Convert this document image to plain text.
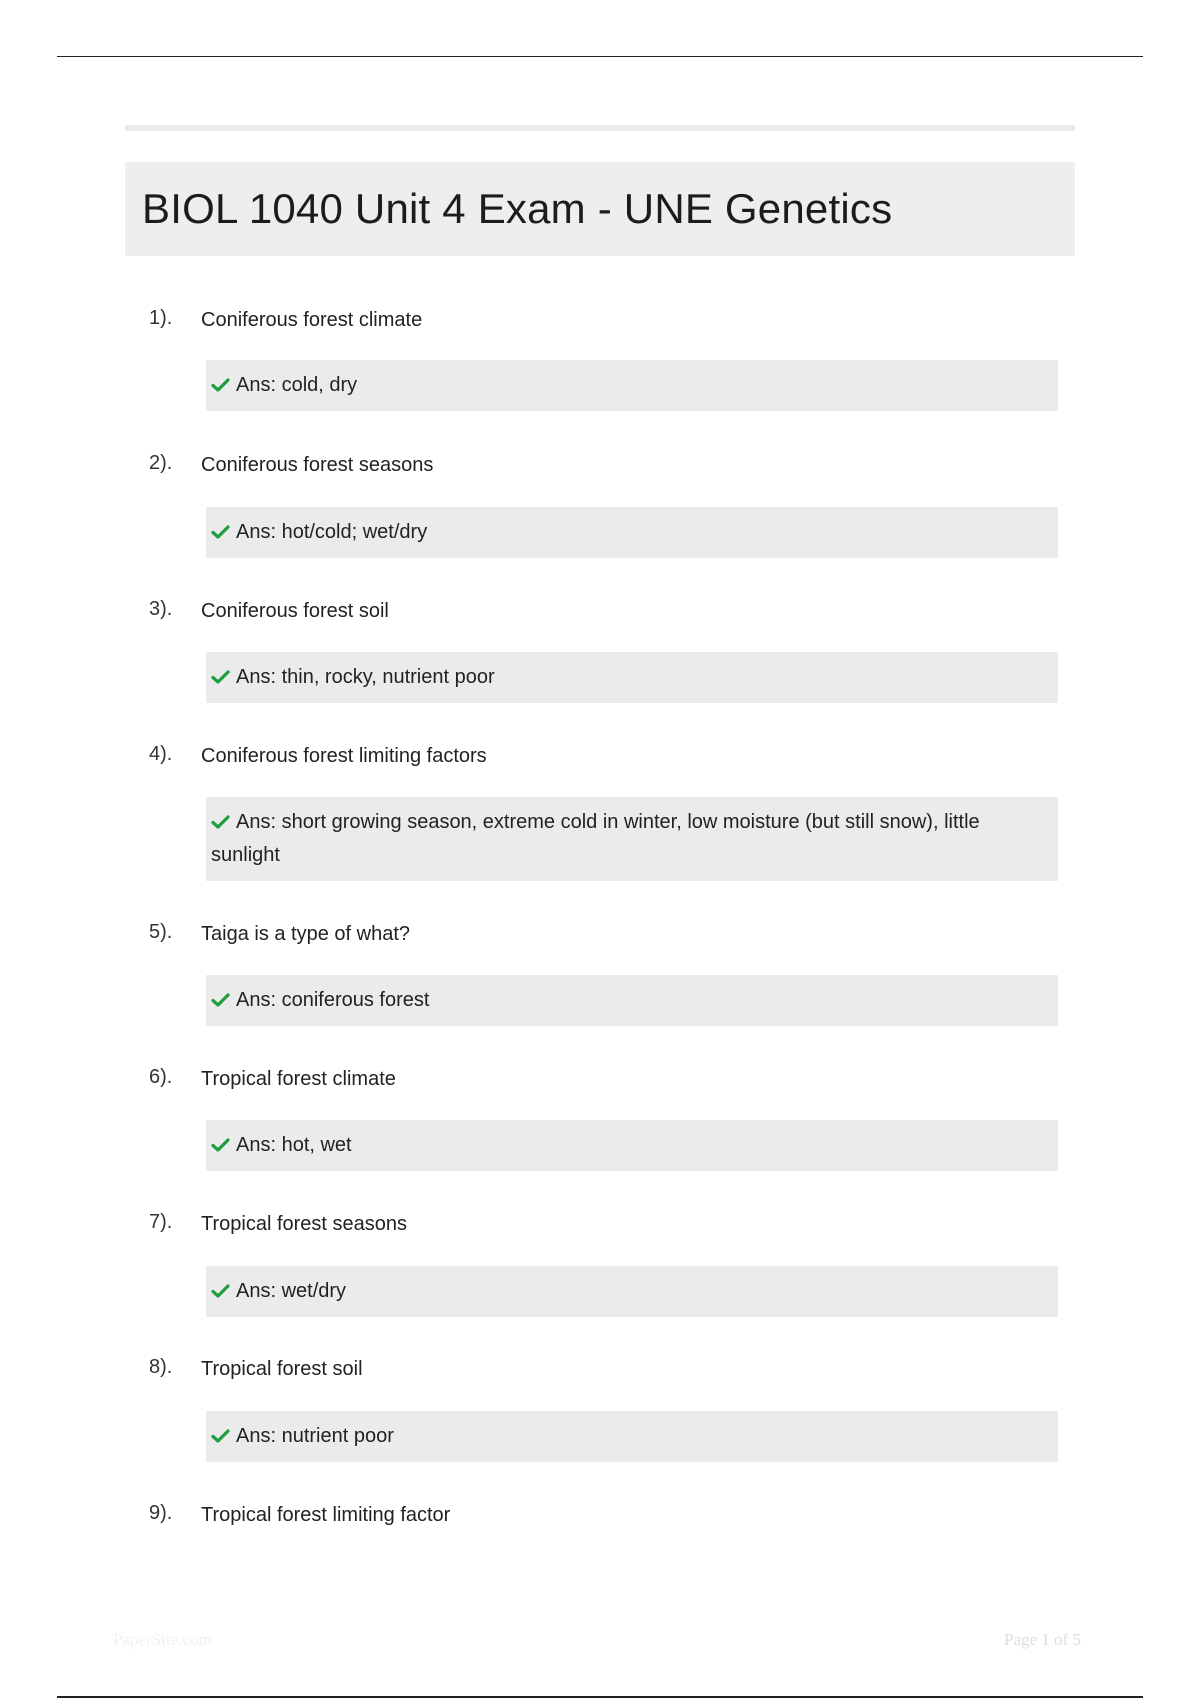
BIOL 1040 Unit 4 Exam - UNE Genetics
1). Coniferous forest climate
Ans: cold, dry
2). Coniferous forest seasons
Ans: hot/cold; wet/dry
3). Coniferous forest soil
Ans: thin, rocky, nutrient poor
4). Coniferous forest limiting factors
Ans: short growing season, extreme cold in winter, low moisture (but still snow), little sunlight
5). Taiga is a type of what?
Ans: coniferous forest
6). Tropical forest climate
Ans: hot, wet
7). Tropical forest seasons
Ans: wet/dry
8). Tropical forest soil
Ans: nutrient poor
9). Tropical forest limiting factor
PaperSite.com	Page 1 of 5
